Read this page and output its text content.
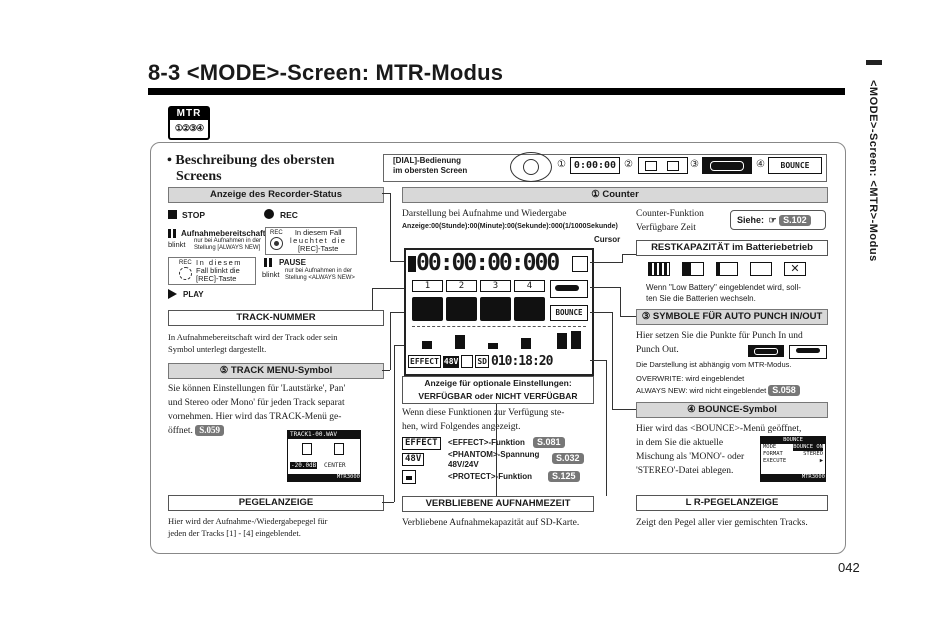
8-3 <MODE>-Screen: MTR-Modus
<MODE>-Screen: <MTR>-Modus
042
MTR
①②③④
• Beschreibung des obersten
Screens
[DIAL]-Bedienung
im obersten Screen
① 0:00:00 ②	③	④	BOUNCE
Anzeige des Recorder-Status
STOP	REC
Aufnahmebereitschaft
blinkt nur bei Aufnahmen in der
Stellung [ALWAYS NEW]
REC	In diesem Fall
leuchtet die
[REC]-Taste
REC In diesem
Fall blinkt die
[REC]-Taste
PAUSE
blinkt nur bei Aufnahmen in der
Stellung <ALWAYS NEW>
PLAY
TRACK-NUMMER
In Aufnahmebereitschaft wird der Track oder sein
Symbol unterlegt dargestellt.
⑤ TRACK MENU-Symbol
Sie können Einstellungen für 'Lautstärke', Pan'
und Stereo oder Mono' für jeden Track separat
vornehmen. Hier wird das TRACK-Menü ge-
öffnet. S.059	TRACK1-00.WAV
-20.0dB CENTER
MTR3000
PEGELANZEIGE
Hier wird der Aufnahme-/Wiedergabepegel für
jeden der Tracks [1] - [4] eingeblendet.
① Counter
Darstellung bei Aufnahme und Wiedergabe
Anzeige:00(Stunde):00(Minute):00(Sekunde):000(1/1000Sekunde)
Cursor
Counter-Funktion
Verfügbare Zeit
Siehe: ☞ S.102
00:00:00:000
1	2	3	4
BOUNCE
EFFECT 48V SD 010:18:20
RESTKAPAZITÄT im Batteriebetrieb
✕
Wenn "Low Battery" eingeblendet wird, soll-
ten Sie die Batterien wechseln.
③ SYMBOLE FÜR AUTO PUNCH IN/OUT
Hier setzen Sie die Punkte für Punch In und
Punch Out.
Die Darstellung ist abhängig vom MTR-Modus.
OVERWRITE: wird eingeblendet
ALWAYS NEW: wird nicht eingeblendet S.058
④ BOUNCE-Symbol
Hier wird das <BOUNCE>-Menü geöffnet,
in dem Sie die aktuelle
Mischung als 'MONO'- oder
'STEREO'-Datei ablegen.
BOUNCE
MODE	BOUNCE ON
FORMAT	STEREO
EXECUTE	▶
MTR3000
Anzeige für optionale Einstellungen:
VERFÜGBAR oder NICHT VERFÜGBAR
Wenn diese Funktionen zur Verfügung ste-
hen, wird Folgendes angezeigt.
EFFECT	<EFFECT>-Funktion	S.081
48V	<PHANTOM>-Spannung
48V/24V
S.032
<PROTECT>-Funktion	S.125
VERBLIEBENE AUFNAHMEZEIT
Verbliebene Aufnahmekapazität auf SD-Karte.
L R-PEGELANZEIGE
Zeigt den Pegel aller vier gemischten Tracks.
